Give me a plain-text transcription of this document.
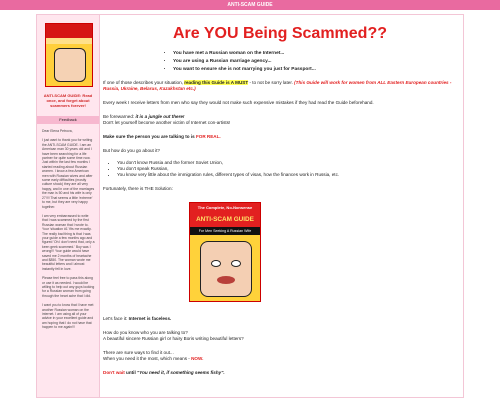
ANTI-SCAM GUIDE
ANTI-SCAM GUIDE: Read once, and forget about scammers forever!
Feedback

Dear Elena Petrova,

I just want to thank you for writing the ANTI-SCAM GUIDE. I am an American man 30 years old and I have been searching for a life partner for quite some time now. Just within the last few months I started reading about Russian women. I know a few American men with Russian wives and after some early difficulties (mostly culture shock) they are all very happy, and in one of the marriages the man is 50 and his wife is only 27!!!! That seems a little 'extreme' to me, but they are very happy together.

I am very embarrassed to write that I was scammed by the first Russian woman that I wrote to. Your 'situation #1' fits me exactly. The really bad thing is that I was your guide a few months ago and figured 'Oh I don't need that, only a keen geek scammed.' Boy was I wrong!!! Your guide would have saved me 2 months of heartache and $850. The woman wrote me beautiful letters and I almost instantly fell in love.

Please feel free to pass this along or use it as needed. I would be willing to help out any guys looking for a Russian woman from going through the heart ache that I did.

I want you to know that I have met another Russian woman on the internet. I am using all of your advice in your excellent guide and am hoping that I do not have that happen to me again!!!

Are YOU Being Scammed??
• You have met a Russian woman on the Internet...
• You are using a Russian marriage agency...
• You want to ensure she is not marrying you just for Passport...
If one of those describes your situation, reading this Guide is A MUST - to not be sorry later. (This Guide will work for women from ALL Eastern European countries - Russia, Ukraine, Belarus, Kazakhstan etc.)
Every week I receive letters from men who say they would not make such expensive mistakes if they had read the Guide beforehand.
Be forewarned: it is a jungle out there!
Don't let yourself become another victim of Internet con-artists!
Make sure the person you are talking to is FOR REAL.
But how do you go about it?
• You don't know Russia and the former Soviet Union,
• You don't speak Russian,
• You know very little about the immigration rules, different types of visas, how the finances work in Russia, etc.
Fortunately, there is THE Solution:
The Complete, No-Nonsense
ANTI-SCAM GUIDE
For Men Seeking A Russian Wife
Let's face it: Internet is faceless.
How do you know who you are talking to?
A beautiful sincere Russian girl or hairy Boris writing beautiful letters?
There are sure ways to find it out...
When you need it the most, which means - NOW.
Don't wait until "You need it, if something seems fishy".
